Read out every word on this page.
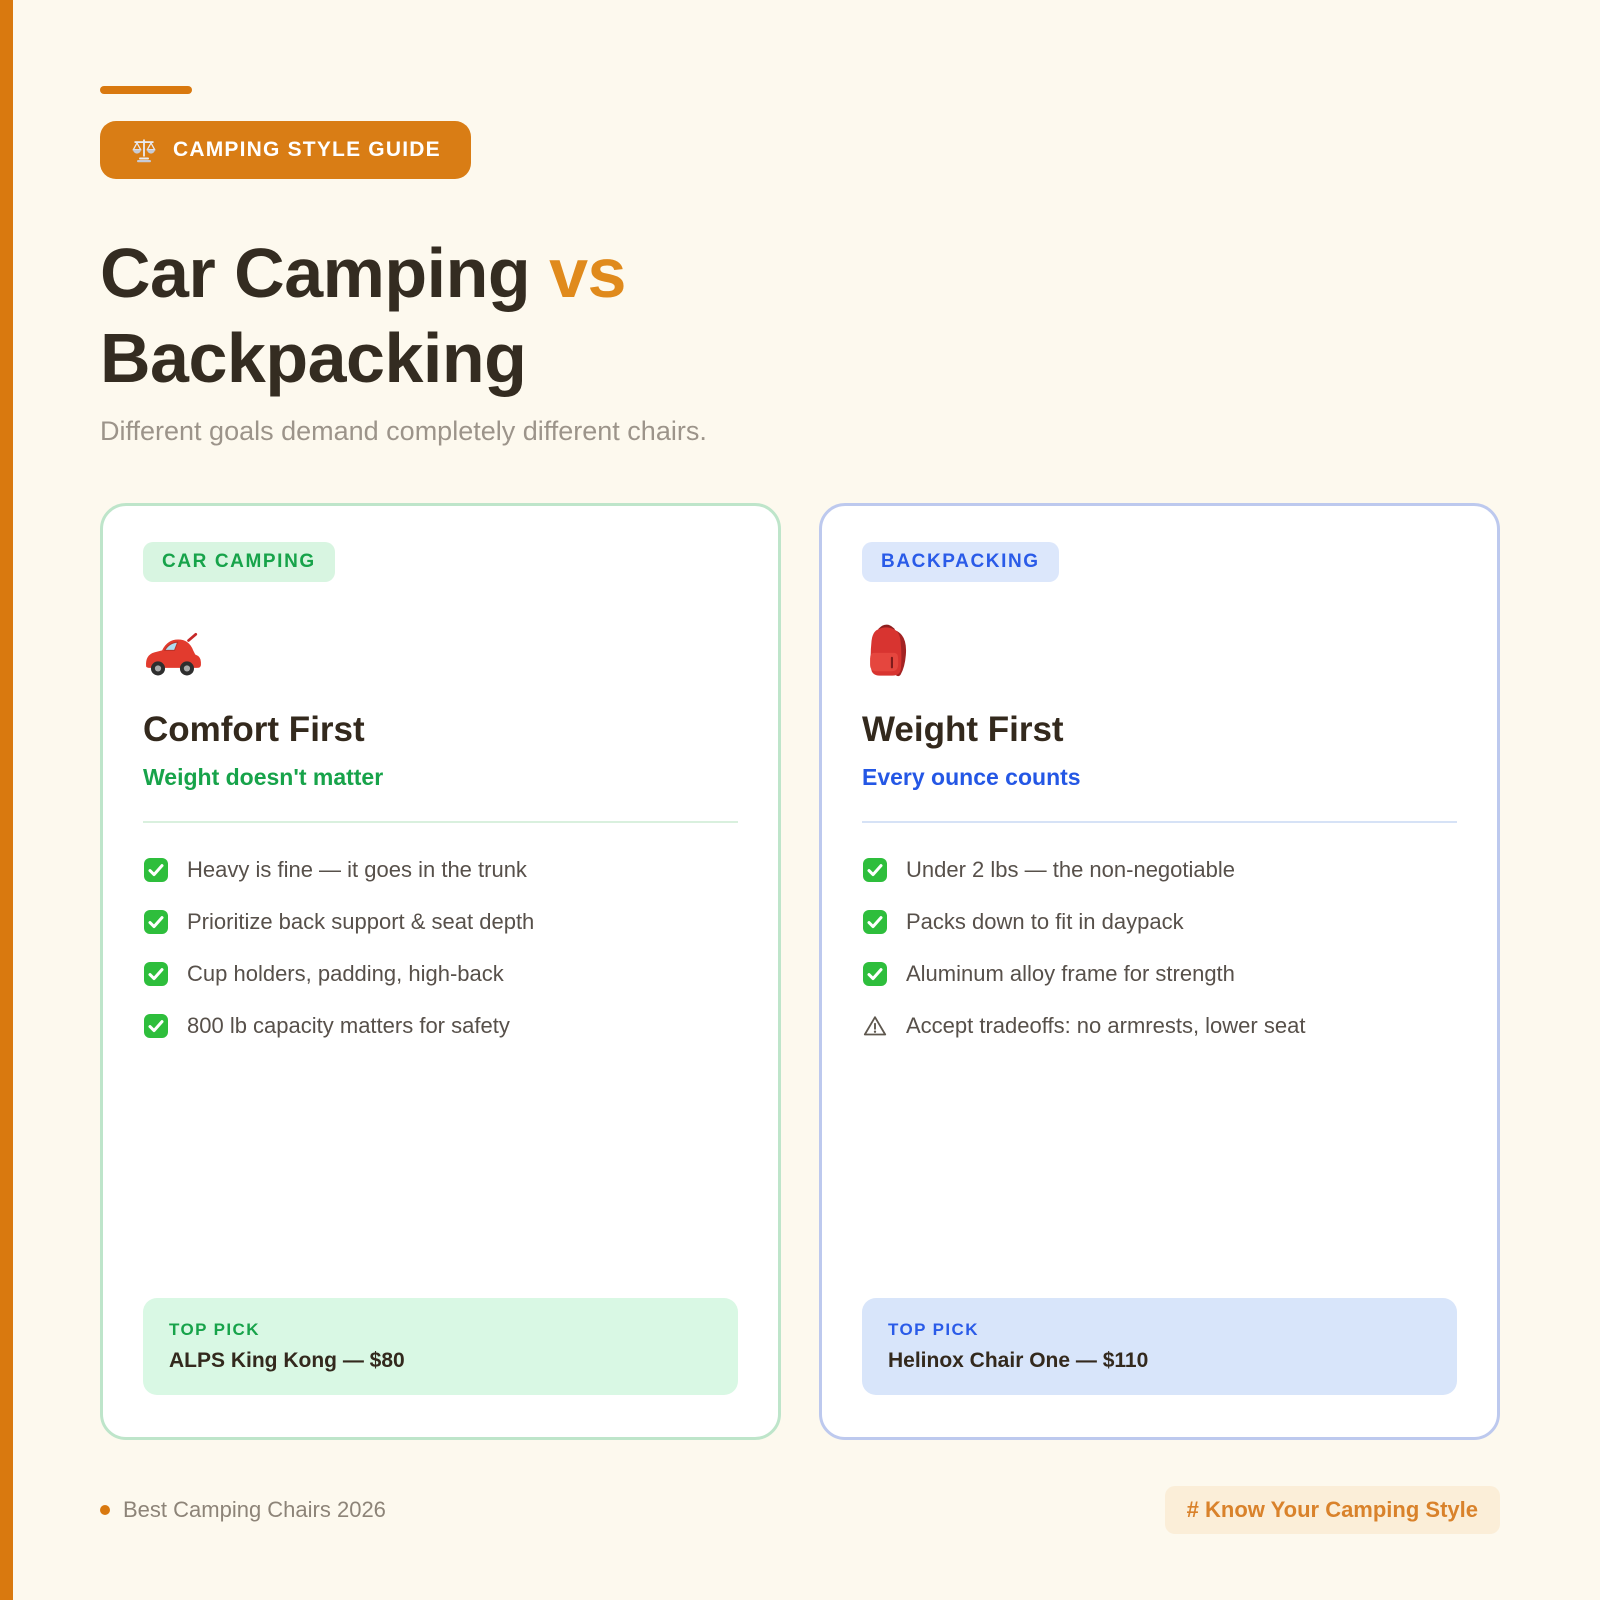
CAMPING STYLE GUIDE
Car Camping vs
Backpacking
Different goals demand completely different chairs.
CAR CAMPING
Comfort First
Weight doesn't matter
Heavy is fine — it goes in the trunk
Prioritize back support & seat depth
Cup holders, padding, high-back
800 lb capacity matters for safety
TOP PICK
ALPS King Kong — $80
BACKPACKING
Weight First
Every ounce counts
Under 2 lbs — the non-negotiable
Packs down to fit in daypack
Aluminum alloy frame for strength
Accept tradeoffs: no armrests, lower seat
TOP PICK
Helinox Chair One — $110
Best Camping Chairs 2026	# Know Your Camping Style
